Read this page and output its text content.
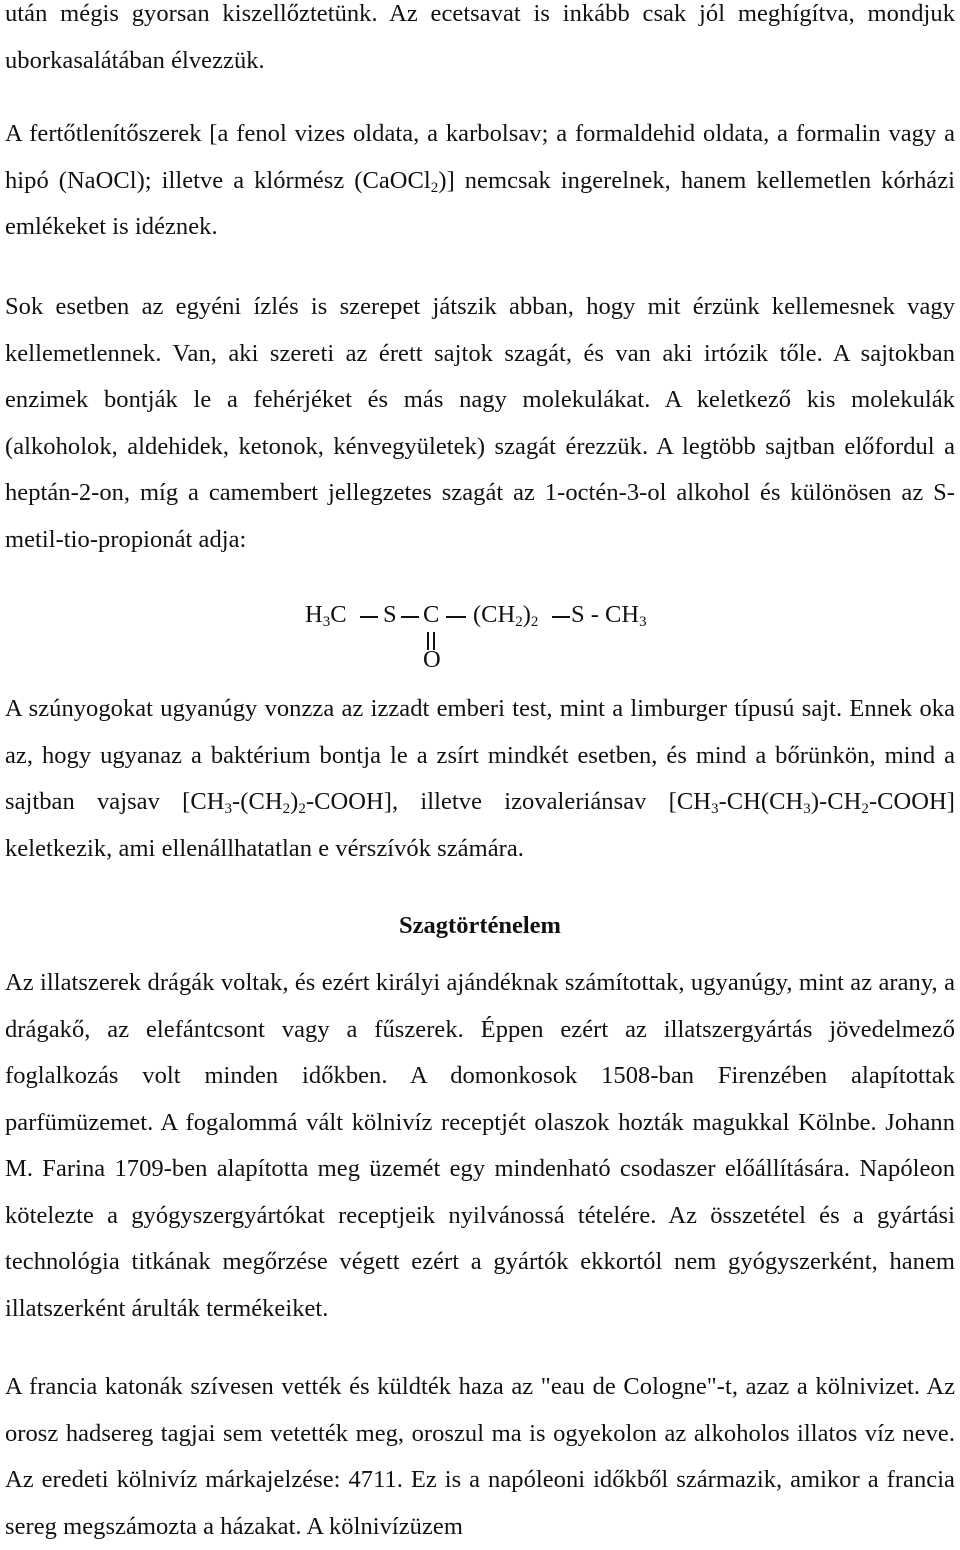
után mégis gyorsan kiszellőztetünk. Az ecetsavat is inkább csak jól meghígítva, mondjuk uborkasalátában élvezzük.

A fertőtlenítőszerek [a fenol vizes oldata, a karbolsav; a formaldehid oldata, a formalin vagy a hipó (NaOCl); illetve a klórmész (CaOCl$_2$)] nemcsak ingerelnek, hanem kellemetlen kórházi emlékeket is idéznek.

Sok esetben az egyéni ízlés is szerepet játszik abban, hogy mit érzünk kellemesnek vagy kellemetlennek. Van, aki szereti az érett sajtok szagát, és van aki irtózik tőle. A sajtokban enzimek bontják le a fehérjéket és más nagy molekulákat. A keletkező kis molekulák (alkoholok, aldehidek, ketonok, kénvegyületek) szagát érezzük. A legtöbb sajtban előfordul a heptán-2-on, míg a camembert jellegzetes szagát az 1-octén-3-ol alkohol és különösen az S-metil-tio-propionát adja:

$H_3C$ S C $(CH_2)_2$ S - $CH_3$
O

A szúnyogokat ugyanúgy vonzza az izzadt emberi test, mint a limburger típusú sajt. Ennek oka az, hogy ugyanaz a baktérium bontja le a zsírt mindkét esetben, és mind a bőrünkön, mind a sajtban vajsav $[CH_3-(CH_2)_2-COOH]$, illetve izovaleriánsav $[CH_3-CH(CH_3)-CH_2-COOH]$ keletkezik, ami ellenállhatatlan e vérszívók számára.

Szagtörténelem

Az illatszerek drágák voltak, és ezért királyi ajándéknak számítottak, ugyanúgy, mint az arany, a drágakő, az elefántcsont vagy a fűszerek. Éppen ezért az illatszergyártás jövedelmező foglalkozás volt minden időkben. A domonkosok 1508-ban Firenzében alapítottak parfümüzemet. A fogalommá vált kölnivíz receptjét olaszok hozták magukkal Kölnbe. Johann M. Farina 1709-ben alapította meg üzemét egy mindenható csodaszer előállítására. Napóleon kötelezte a gyógyszergyártókat receptjeik nyilvánossá tételére. Az összetétel és a gyártási technológia titkának megőrzése végett ezért a gyártók ekkortól nem gyógyszerként, hanem illatszerként árulták termékeiket.

A francia katonák szívesen vették és küldték haza az "eau de Cologne"-t, azaz a kölnivizet. Az orosz hadsereg tagjai sem vetették meg, oroszul ma is ogyekolon az alkoholos illatos víz neve. Az eredeti kölnivíz márkajelzése: 4711. Ez is a napóleoni időkből származik, amikor a francia sereg megszámozta a házakat. A kölnivízüzem
